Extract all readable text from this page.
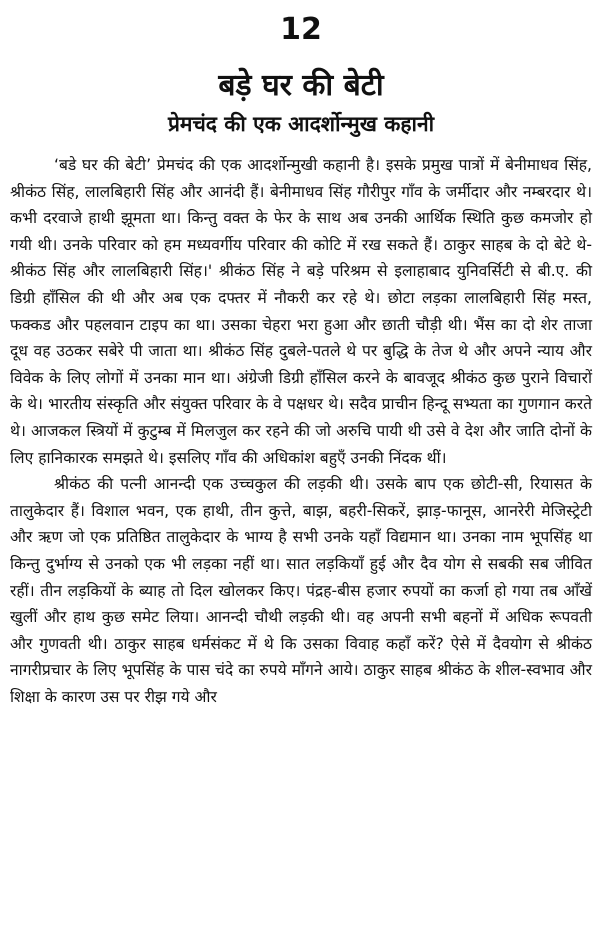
12
बड़े घर की बेटी
प्रेमचंद की एक आदर्शोन्मुख कहानी

‘बडे घर की बेटी’ प्रेमचंद की एक आदर्शोन्मुखी कहानी है। इसके प्रमुख पात्रों में बेनीमाधव सिंह, श्रीकंठ सिंह, लालबिहारी सिंह और आनंदी हैं। बेनीमाधव सिंह गौरीपुर गाँव के जर्मीदार और नम्बरदार थे। कभी दरवाजे हाथी झूमता था। किन्तु वक्त के फेर के साथ अब उनकी आर्थिक स्थिति कुछ कमजोर हो गयी थी। उनके परिवार को हम मध्यवर्गीय परिवार की कोटि में रख सकते हैं। ठाकुर साहब के दो बेटे थे- श्रीकंठ सिंह और लालबिहारी सिंह।' श्रीकंठ सिंह ने बड़े परिश्रम से इलाहाबाद युनिवर्सिटी से बी.ए. की डिग्री हाँसिल की थी और अब एक दफ्तर में नौकरी कर रहे थे। छोटा लड़का लालबिहारी सिंह मस्त, फक्कड और पहलवान टाइप का था। उसका चेहरा भरा हुआ और छाती चौड़ी थी। भैंस का दो शेर ताजा दूध वह उठकर सबेरे पी जाता था। श्रीकंठ सिंह दुबले-पतले थे पर बुद्धि के तेज थे और अपने न्याय और विवेक के लिए लोगों में उनका मान था। अंग्रेजी डिग्री हाँसिल करने के बावजूद श्रीकंठ कुछ पुराने विचारों के थे। भारतीय संस्कृति और संयुक्त परिवार के वे पक्षधर थे। सदैव प्राचीन हिन्दू सभ्यता का गुणगान करते थे। आजकल स्त्रियों में कुटुम्ब में मिलजुल कर रहने की जो अरुचि पायी थी उसे वे देश और जाति दोनों के लिए हानिकारक समझते थे। इसलिए गाँव की अधिकांश बहुएँ उनकी निंदक थीं।

श्रीकंठ की पत्नी आनन्दी एक उच्चकुल की लड़की थी। उसके बाप एक छोटी-सी, रियासत के तालुकेदार हैं। विशाल भवन, एक हाथी, तीन कुत्ते, बाझ, बहरी-सिकरें, झाड़-फानूस, आनरेरी मेजिस्ट्रेटी और ऋण जो एक प्रतिष्ठित तालुकेदार के भाग्य है सभी उनके यहाँ विद्यमान था। उनका नाम भूपसिंह था किन्तु दुर्भाग्य से उनको एक भी लड़का नहीं था। सात लड़कियाँ हुई और दैव योग से सबकी सब जीवित रहीं। तीन लड़कियों के ब्याह तो दिल खोलकर किए। पंद्रह-बीस हजार रुपयों का कर्जा हो गया तब आँखें खुलीं और हाथ कुछ समेट लिया। आनन्दी चौथी लड़की थी। वह अपनी सभी बहनों में अधिक रूपवती और गुणवती थी। ठाकुर साहब धर्मसंकट में थे कि उसका विवाह कहाँ करें? ऐसे में दैवयोग से श्रीकंठ नागरीप्रचार के लिए भूपसिंह के पास चंदे का रुपये माँगने आये। ठाकुर साहब श्रीकंठ के शील-स्वभाव और शिक्षा के कारण उस पर रीझ गये और
